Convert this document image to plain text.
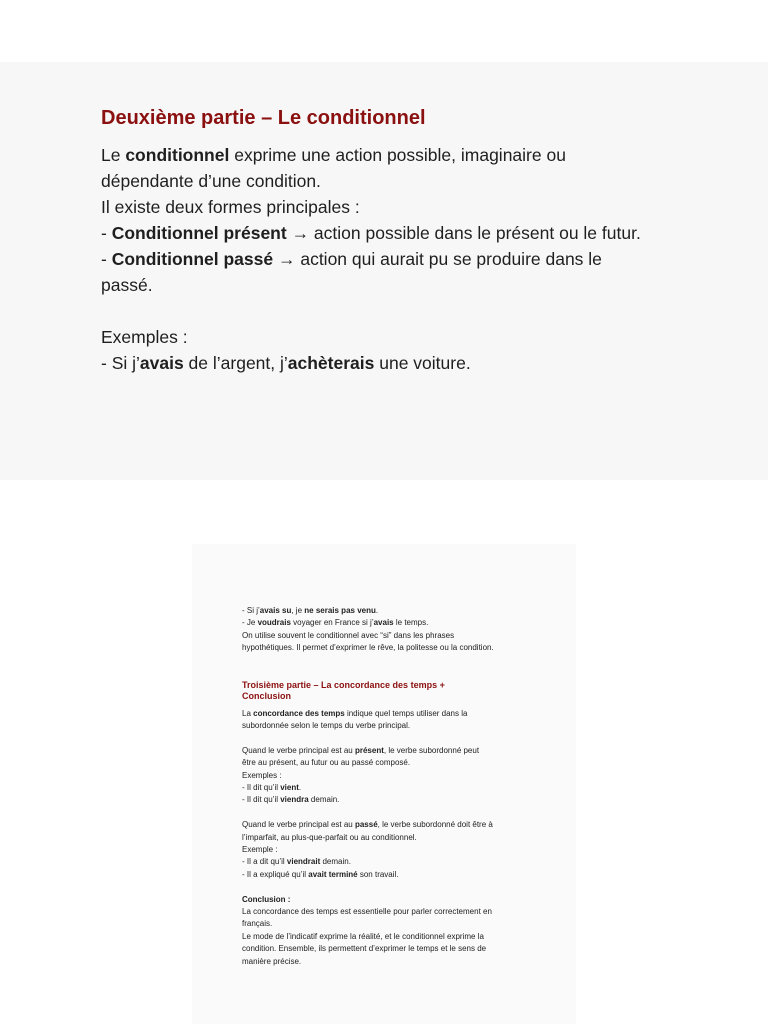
Deuxième partie – Le conditionnel
Le conditionnel exprime une action possible, imaginaire ou
dépendante d’une condition.
Il existe deux formes principales :
- Conditionnel présent → action possible dans le présent ou le futur.
- Conditionnel passé → action qui aurait pu se produire dans le
passé.
Exemples :
- Si j’avais de l’argent, j’achèterais une voiture.
- Si j’avais su, je ne serais pas venu.
- Je voudrais voyager en France si j’avais le temps.
On utilise souvent le conditionnel avec “si” dans les phrases
hypothétiques. Il permet d’exprimer le rêve, la politesse ou la condition.
Troisième partie – La concordance des temps +
Conclusion
La concordance des temps indique quel temps utiliser dans la
subordonnée selon le temps du verbe principal.
Quand le verbe principal est au présent, le verbe subordonné peut
être au présent, au futur ou au passé composé.
Exemples :
- Il dit qu’il vient.
- Il dit qu’il viendra demain.
Quand le verbe principal est au passé, le verbe subordonné doit être à
l’imparfait, au plus-que-parfait ou au conditionnel.
Exemple :
- Il a dit qu’il viendrait demain.
- Il a expliqué qu’il avait terminé son travail.
Conclusion :
La concordance des temps est essentielle pour parler correctement en
français.
Le mode de l’indicatif exprime la réalité, et le conditionnel exprime la
condition. Ensemble, ils permettent d’exprimer le temps et le sens de
manière précise.
